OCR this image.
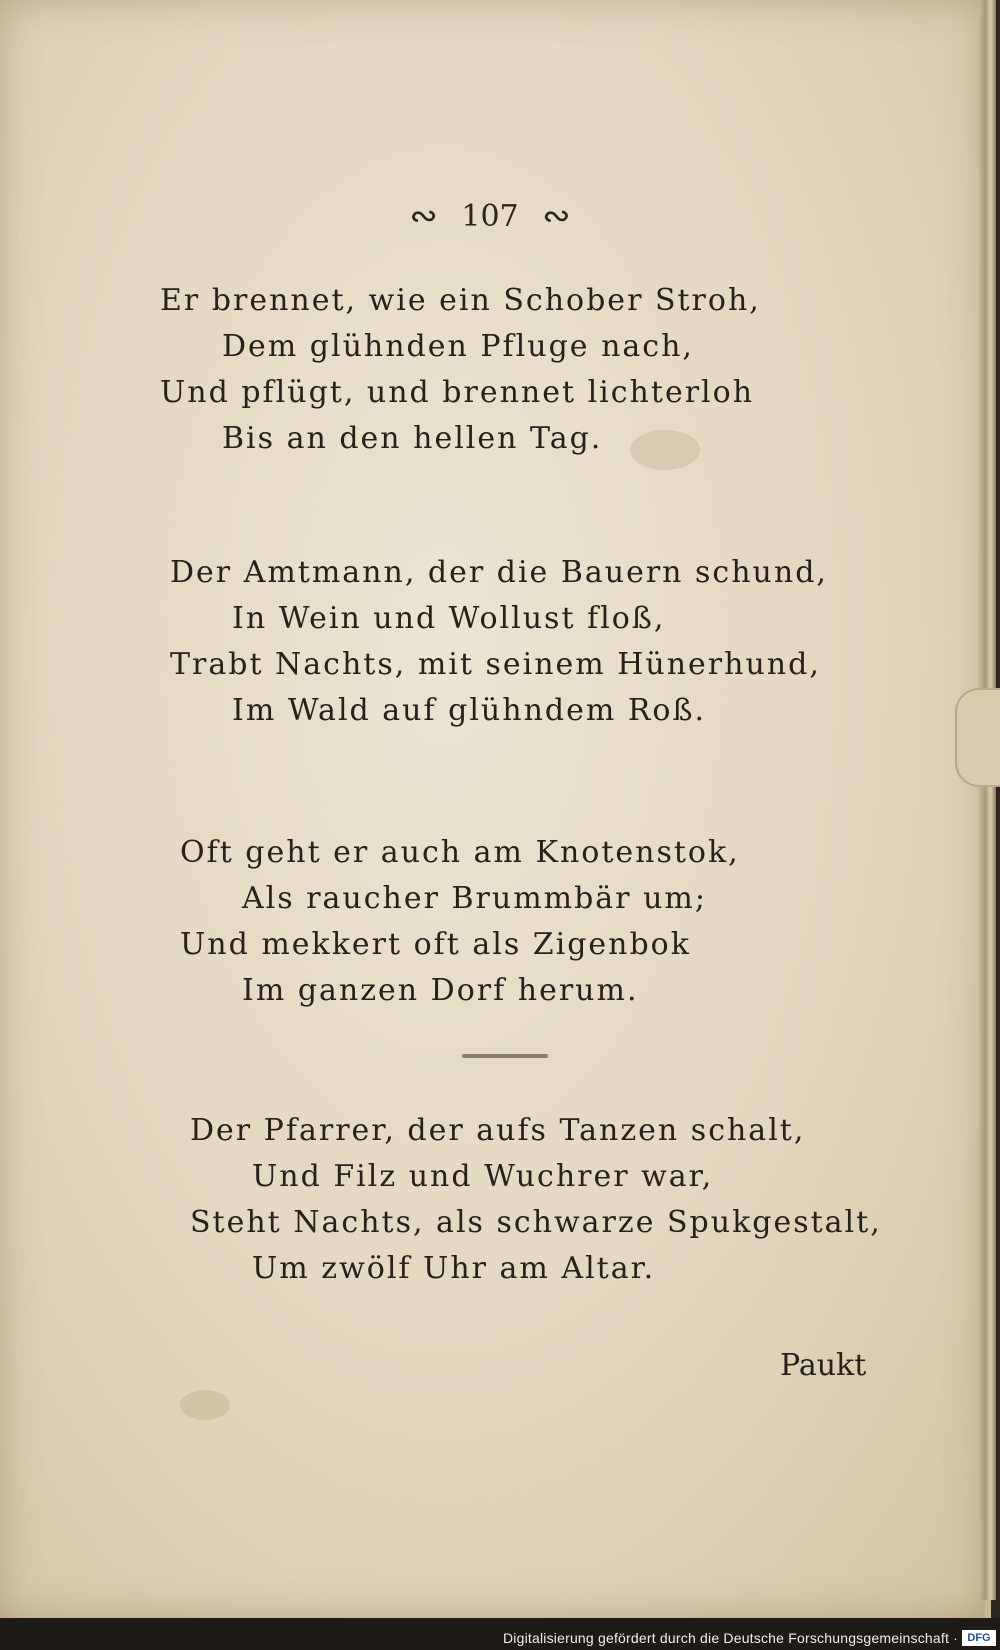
∾ 107 ∾
Er brennet, wie ein Schober Stroh,
Dem glühnden Pfluge nach,
Und pflügt, und brennet lichterloh
Bis an den hellen Tag.
Der Amtmann, der die Bauern schund,
In Wein und Wollust floß,
Trabt Nachts, mit seinem Hünerhund,
Im Wald auf glühndem Roß.
Oft geht er auch am Knotenstok,
Als raucher Brummbär um;
Und mekkert oft als Zigenbok
Im ganzen Dorf herum.
Der Pfarrer, der aufs Tanzen schalt,
Und Filz und Wuchrer war,
Steht Nachts, als schwarze Spukgestalt,
Um zwölf Uhr am Altar.
Paukt
Digitalisierung gefördert durch die Deutsche Forschungsgemeinschaft · DFG
